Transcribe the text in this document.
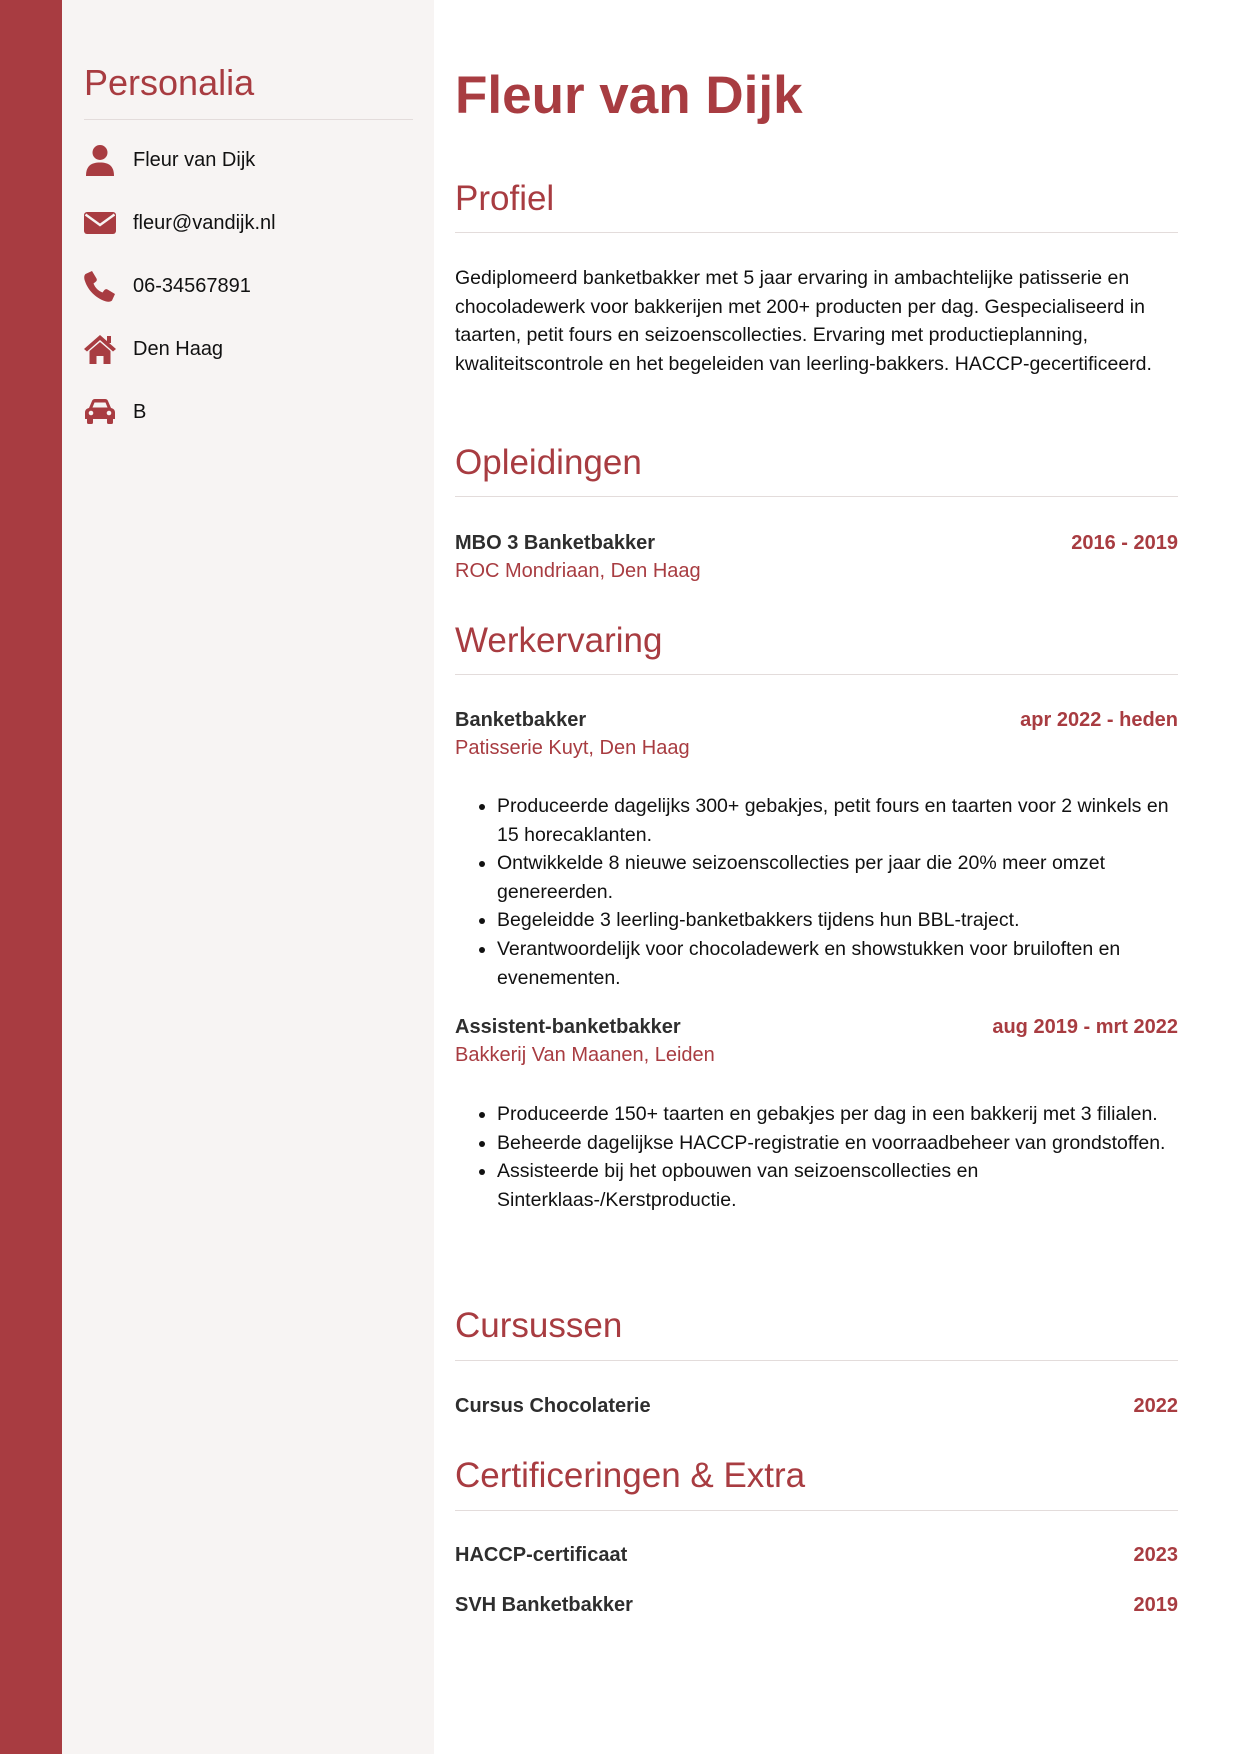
Personalia
Fleur van Dijk
fleur@vandijk.nl
06-34567891
Den Haag
B
Fleur van Dijk
Profiel

Gediplomeerd banketbakker met 5 jaar ervaring in ambachtelijke patisserie en chocoladewerk voor bakkerijen met 200+ producten per dag. Gespecialiseerd in taarten, petit fours en seizoenscollecties. Ervaring met productieplanning, kwaliteitscontrole en het begeleiden van leerling-bakkers. HACCP-gecertificeerd.

Opleidingen
MBO 3 Banketbakker	2016 - 2019
ROC Mondriaan, Den Haag
Werkervaring
Banketbakker	apr 2022 - heden
Patisserie Kuyt, Den Haag
• Produceerde dagelijks 300+ gebakjes, petit fours en taarten voor 2 winkels en 15 horecaklanten.
• Ontwikkelde 8 nieuwe seizoenscollecties per jaar die 20% meer omzet genereerden.
• Begeleidde 3 leerling-banketbakkers tijdens hun BBL-traject.
• Verantwoordelijk voor chocoladewerk en showstukken voor bruiloften en evenementen.
Assistent-banketbakker	aug 2019 - mrt 2022
Bakkerij Van Maanen, Leiden
• Produceerde 150+ taarten en gebakjes per dag in een bakkerij met 3 filialen.
• Beheerde dagelijkse HACCP-registratie en voorraadbeheer van grondstoffen.
• Assisteerde bij het opbouwen van seizoenscollecties en Sinterklaas-/Kerstproductie.
Cursussen
Cursus Chocolaterie	2022
Certificeringen & Extra
HACCP-certificaat	2023
SVH Banketbakker	2019
